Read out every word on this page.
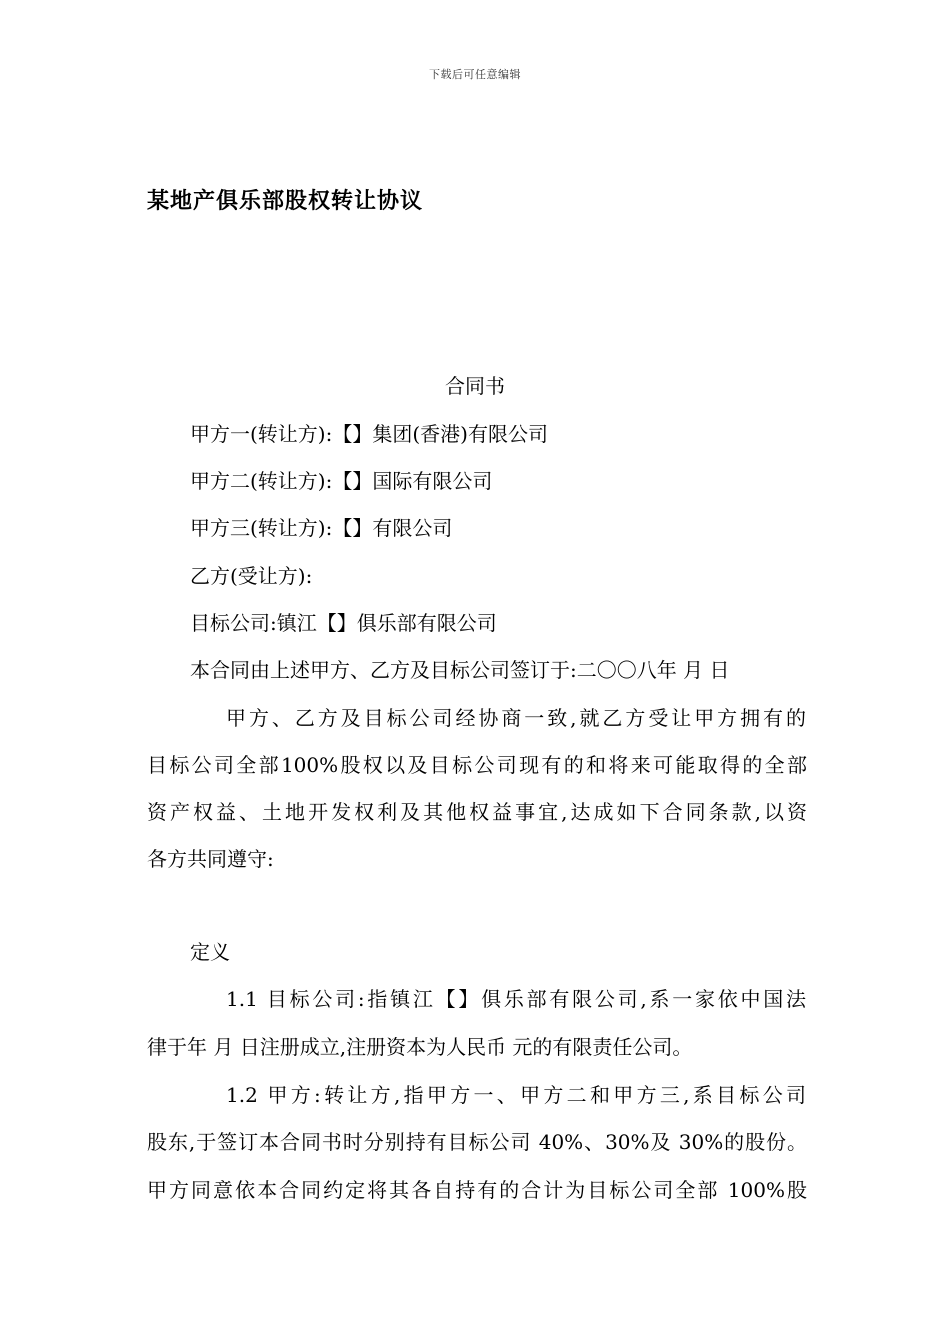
下载后可任意编辑
某地产俱乐部股权转让协议
合同书
甲方一(转让方):【】集团(香港)有限公司
甲方二(转让方):【】国际有限公司
甲方三(转让方):【】有限公司
乙方(受让方):
目标公司:镇江【】俱乐部有限公司
本合同由上述甲方、乙方及目标公司签订于:二〇〇八年 月 日
甲方、乙方及目标公司经协商一致,就乙方受让甲方拥有的
目标公司全部100%股权以及目标公司现有的和将来可能取得的全部
资产权益、土地开发权利及其他权益事宜,达成如下合同条款,以资
各方共同遵守:
定义
1.1 目标公司:指镇江【】俱乐部有限公司,系一家依中国法
律于年 月 日注册成立,注册资本为人民币 元的有限责任公司。
1.2 甲方:转让方,指甲方一、甲方二和甲方三,系目标公司
股东,于签订本合同书时分别持有目标公司 40%、30%及 30%的股份。
甲方同意依本合同约定将其各自持有的合计为目标公司全部 100%股
